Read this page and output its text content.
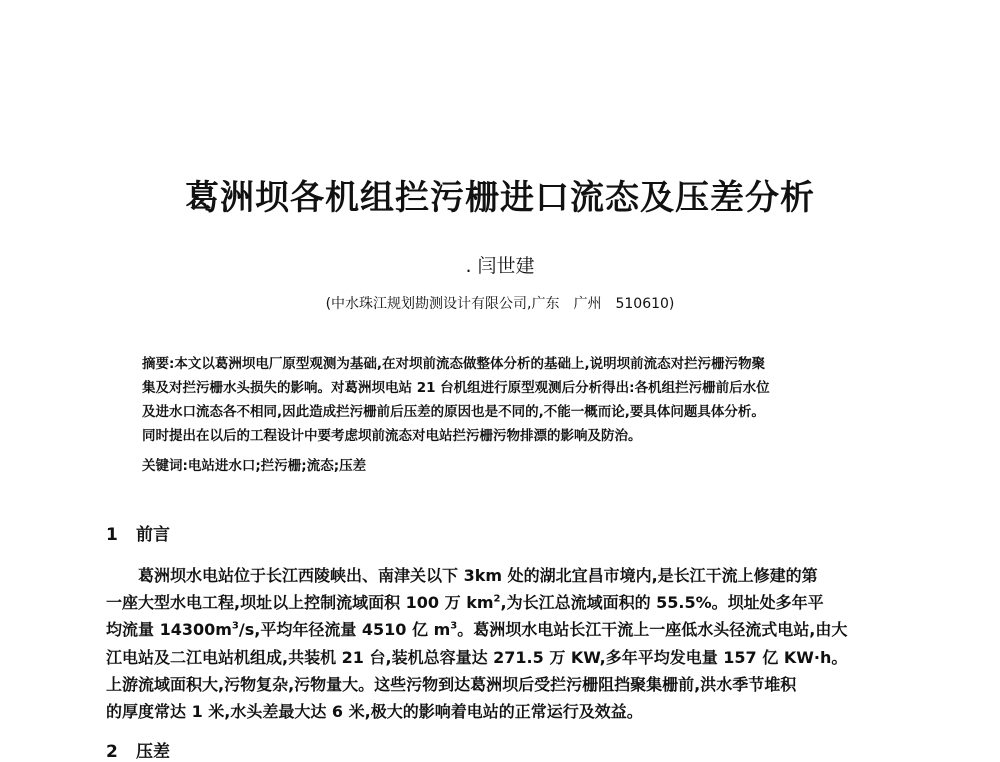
葛洲坝各机组拦污栅进口流态及压差分析
. 闫世建
(中水珠江规划勘测设计有限公司,广东　广州　510610)
摘要:本文以葛洲坝电厂原型观测为基础,在对坝前流态做整体分析的基础上,说明坝前流态对拦污栅污物聚
集及对拦污栅水头损失的影响。对葛洲坝电站 21 台机组进行原型观测后分析得出:各机组拦污栅前后水位
及进水口流态各不相同,因此造成拦污栅前后压差的原因也是不同的,不能一概而论,要具体问题具体分析。
同时提出在以后的工程设计中要考虑坝前流态对电站拦污栅污物排漂的影响及防治。
关键词:电站进水口;拦污栅;流态;压差
1 前言
葛洲坝水电站位于长江西陵峡出、南津关以下 3km 处的湖北宜昌市境内,是长江干流上修建的第
一座大型水电工程,坝址以上控制流域面积 100 万 $km^2$,为长江总流域面积的 55.5%。坝址处多年平
均流量 $14300m^3/s$,平均年径流量 4510 亿 $m^3$。葛洲坝水电站长江干流上一座低水头径流式电站,由大
江电站及二江电站机组成,共装机 21 台,装机总容量达 271.5 万 KW,多年平均发电量 157 亿 KW·h。
上游流域面积大,污物复杂,污物量大。这些污物到达葛洲坝后受拦污栅阻挡聚集栅前,洪水季节堆积
的厚度常达 1 米,水头差最大达 6 米,极大的影响着电站的正常运行及效益。
2 压差
